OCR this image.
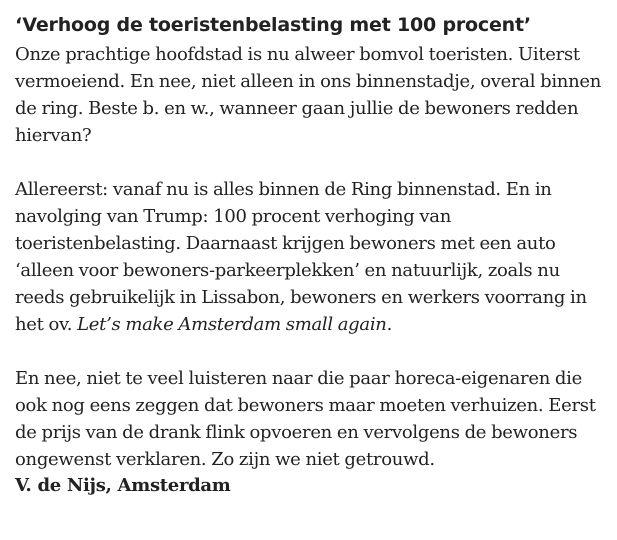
‘Verhoog de toeristenbelasting met 100 procent’

Onze prachtige hoofdstad is nu alweer bomvol toeristen. Uiterst vermoeiend. En nee, niet alleen in ons binnenstadje, overal binnen de ring. Beste b. en w., wanneer gaan jullie de bewoners redden hiervan?

Allereerst: vanaf nu is alles binnen de Ring binnenstad. En in navolging van Trump: 100 procent verhoging van toeristenbelasting. Daarnaast krijgen bewoners met een auto ‘alleen voor bewoners-parkeerplekken’ en natuurlijk, zoals nu reeds gebruikelijk in Lissabon, bewoners en werkers voorrang in het ov. Let’s make Amsterdam small again.

En nee, niet te veel luisteren naar die paar horeca-eigenaren die ook nog eens zeggen dat bewoners maar moeten verhuizen. Eerst de prijs van de drank flink opvoeren en vervolgens de bewoners ongewenst verklaren. Zo zijn we niet getrouwd.

V. de Nijs, Amsterdam
